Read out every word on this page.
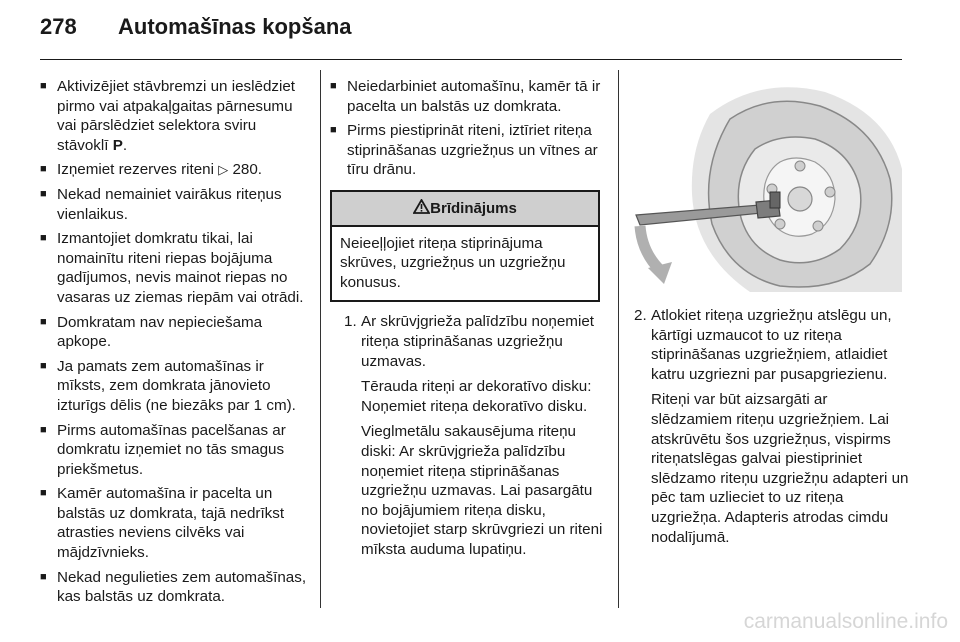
278	Automašīnas kopšana
■ Aktivizējiet stāvbremzi un ieslēdziet pirmo vai atpakaļgaitas pārnesumu vai pārslēdziet selektora sviru stāvoklī P.
■ Izņemiet rezerves riteni ▷ 280.
■ Nekad nemainiet vairākus riteņus vienlaikus.
■ Izmantojiet domkratu tikai, lai nomainītu riteni riepas bojājuma gadījumos, nevis mainot riepas no vasaras uz ziemas riepām vai otrādi.
■ Domkratam nav nepieciešama apkope.
■ Ja pamats zem automašīnas ir mīksts, zem domkrata jānovieto izturīgs dēlis (ne biezāks par 1 cm).
■ Pirms automašīnas pacelšanas ar domkratu izņemiet no tās smagus priekšmetus.
■ Kamēr automašīna ir pacelta un balstās uz domkrata, tajā nedrīkst atrasties neviens cilvēks vai mājdzīvnieks.
■ Nekad negulieties zem automašīnas, kas balstās uz domkrata.
■ Neiedarbiniet automašīnu, kamēr tā ir pacelta un balstās uz domkrata.
■ Pirms piestiprināt riteni, iztīriet riteņa stiprināšanas uzgriežņus un vītnes ar tīru drānu.
Brīdinājums
Neieeļļojiet riteņa stiprinājuma skrūves, uzgriežņus un uzgriežņu konusus.
1. Ar skrūvjgrieža palīdzību noņemiet riteņa stiprināšanas uzgriežņu uzmavas.
Tērauda riteņi ar dekoratīvo disku: Noņemiet riteņa dekoratīvo disku.
Vieglmetālu sakausējuma riteņu diski: Ar skrūvjgrieža palīdzību noņemiet riteņa stiprināšanas uzgriežņu uzmavas. Lai pasargātu no bojājumiem riteņa disku, novietojiet starp skrūvgriezi un riteni mīksta auduma lupatiņu.
2. Atlokiet riteņa uzgriežņu atslēgu un, kārtīgi uzmaucot to uz riteņa stiprināšanas uzgriežņiem, atlaidiet katru uzgriezni par pusapgriezienu.
Riteņi var būt aizsargāti ar slēdzamiem riteņu uzgriežņiem. Lai atskrūvētu šos uzgriežņus, vispirms riteņatslēgas galvai piestipriniet slēdzamo riteņu uzgriežņu adapteri un pēc tam uzlieciet to uz riteņa uzgriežņa. Adapteris atrodas cimdu nodalījumā.
carmanualsonline.info
